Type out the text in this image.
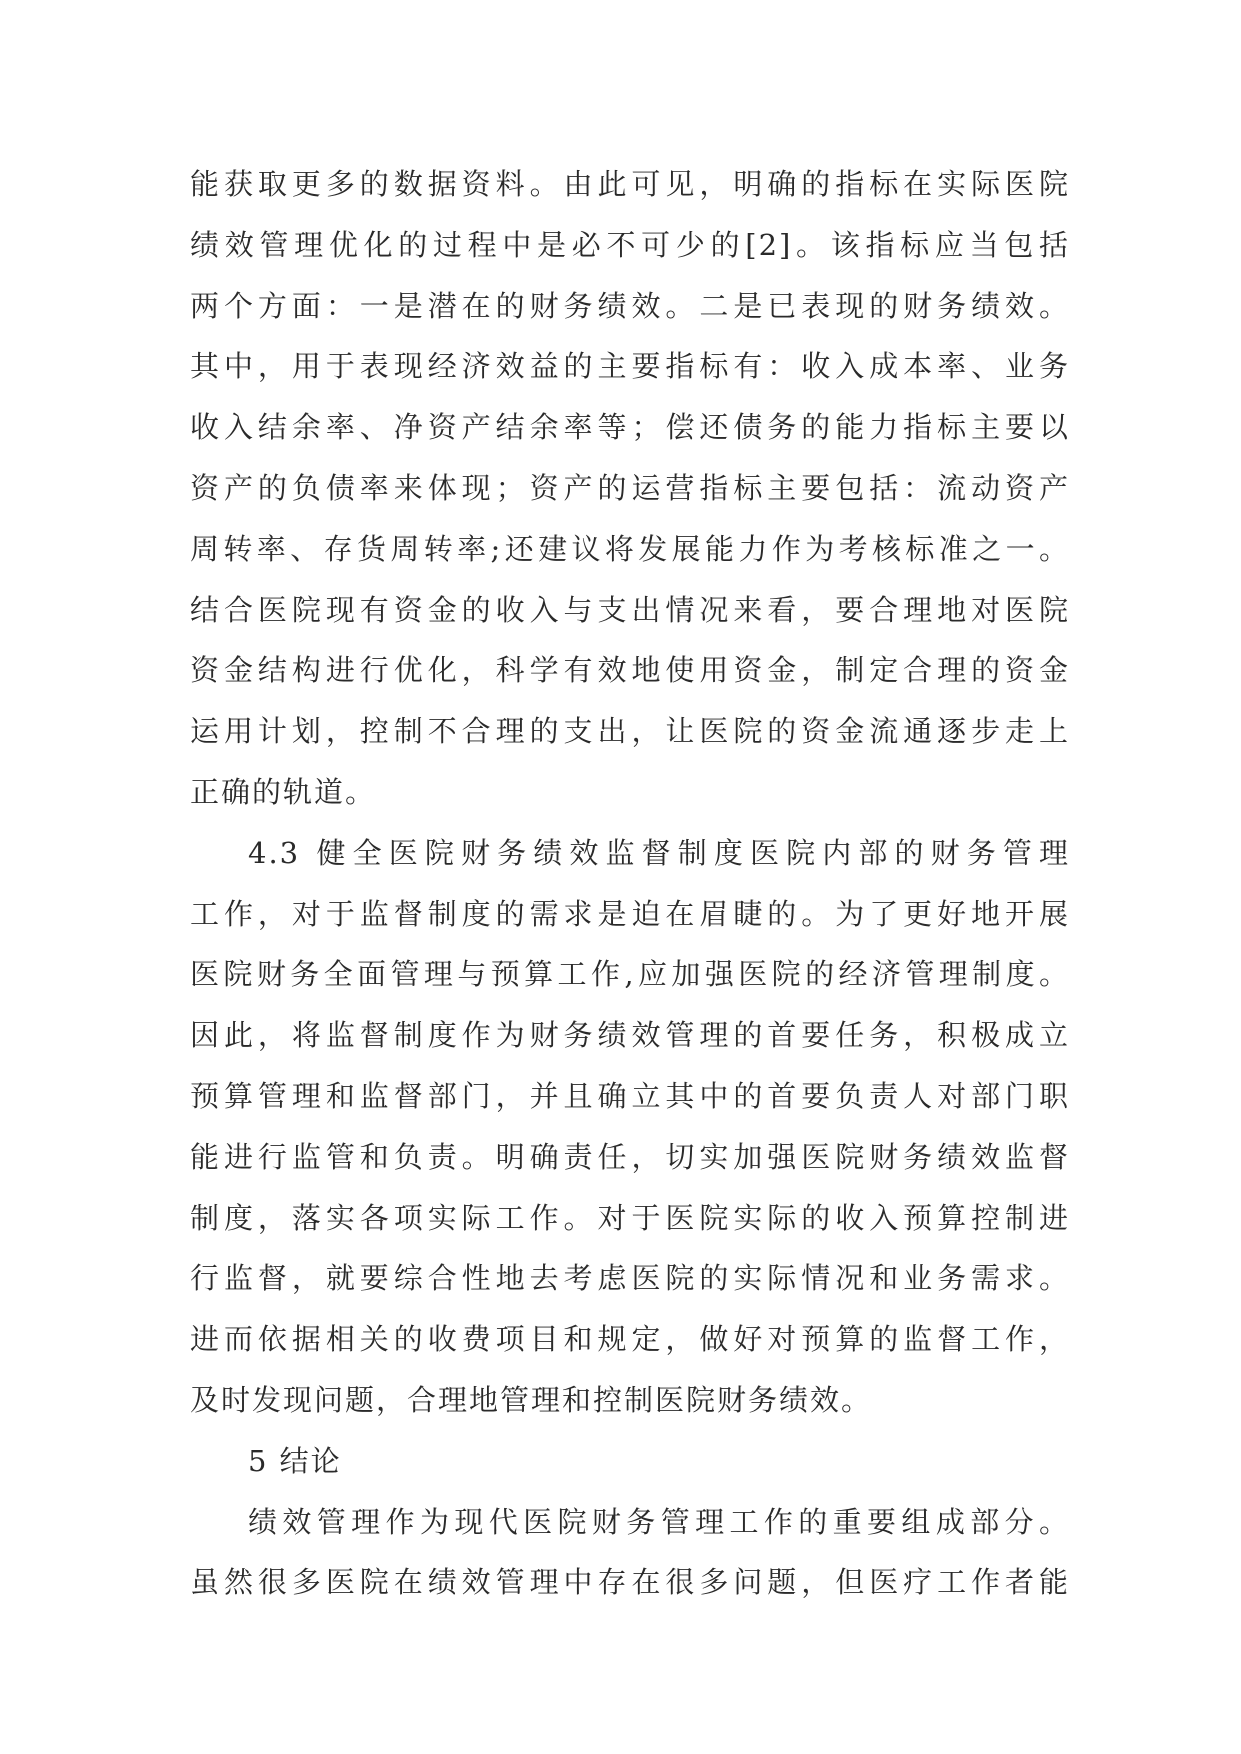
能获取更多的数据资料。由此可见，明确的指标在实际医院
绩效管理优化的过程中是必不可少的[2]。该指标应当包括
两个方面：一是潜在的财务绩效。二是已表现的财务绩效。
其中，用于表现经济效益的主要指标有：收入成本率、业务
收入结余率、净资产结余率等；偿还债务的能力指标主要以
资产的负债率来体现；资产的运营指标主要包括：流动资产
周转率、存货周转率;还建议将发展能力作为考核标准之一。
结合医院现有资金的收入与支出情况来看，要合理地对医院
资金结构进行优化，科学有效地使用资金，制定合理的资金
运用计划，控制不合理的支出，让医院的资金流通逐步走上
正确的轨道。
4.3 健全医院财务绩效监督制度医院内部的财务管理
工作，对于监督制度的需求是迫在眉睫的。为了更好地开展
医院财务全面管理与预算工作,应加强医院的经济管理制度。
因此，将监督制度作为财务绩效管理的首要任务，积极成立
预算管理和监督部门，并且确立其中的首要负责人对部门职
能进行监管和负责。明确责任，切实加强医院财务绩效监督
制度，落实各项实际工作。对于医院实际的收入预算控制进
行监督，就要综合性地去考虑医院的实际情况和业务需求。
进而依据相关的收费项目和规定，做好对预算的监督工作，
及时发现问题，合理地管理和控制医院财务绩效。
5 结论
绩效管理作为现代医院财务管理工作的重要组成部分。
虽然很多医院在绩效管理中存在很多问题，但医疗工作者能
